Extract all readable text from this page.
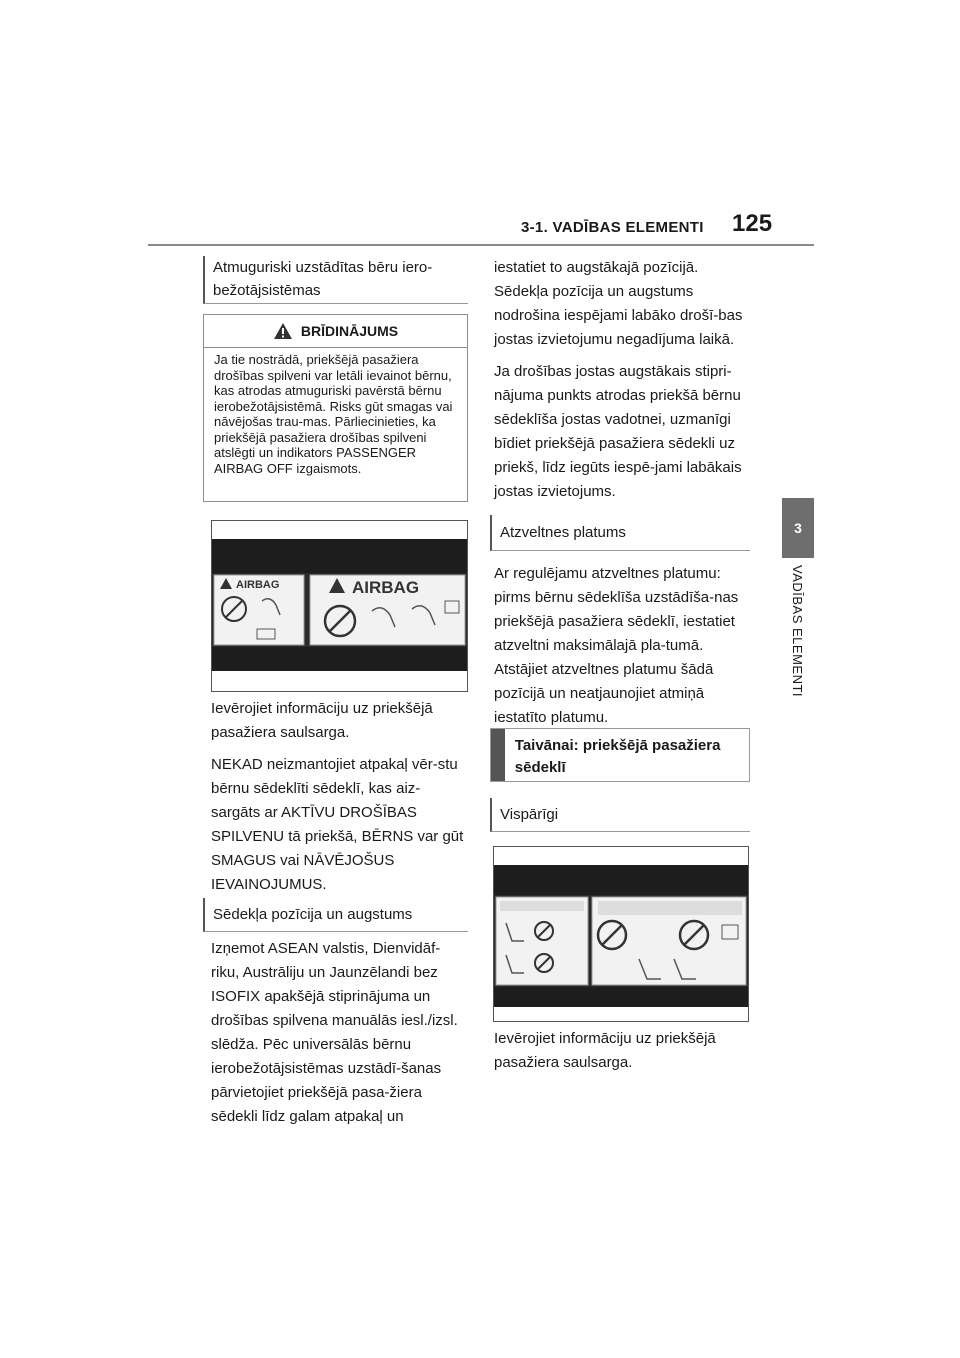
3-1. VADĪBAS ELEMENTI 125
3
VADĪBAS ELEMENTI
Atmuguriski uzstādītas bēru iero-
bežotājsistēmas
BRĪDINĀJUMS
Ja tie nostrādā, priekšējā pasažiera drošības spilveni var letāli ievainot bērnu, kas atrodas atmuguriski pavērstā bērnu ierobežotājsistēmā. Risks gūt smagas vai nāvējošas trau-mas. Pārliecinieties, ka priekšējā pasažiera drošības spilveni atslēgti un indikators PASSENGER AIRBAG OFF izgaismots.
AIRBAG	AIRBAG

Ievērojiet informāciju uz priekšējā pasažiera saulsarga.

NEKAD neizmantojiet atpakaļ vēr-stu bērnu sēdeklīti sēdeklī, kas aiz-sargāts ar AKTĪVU DROŠĪBAS SPILVENU tā priekšā, BĒRNS var gūt SMAGUS vai NĀVĒJOŠUS IEVAINOJUMUS.

Sēdekļa pozīcija un augstums

Izņemot ASEAN valstis, Dienvidāf-riku, Austrāliju un Jaunzēlandi bez ISOFIX apakšējā stiprinājuma un drošības spilvena manuālās iesl./izsl. slēdža. Pēc universālās bērnu ierobežotājsistēmas uzstādī-šanas pārvietojiet priekšējā pasa-žiera sēdekli līdz galam atpakaļ un

iestatiet to augstākajā pozīcijā. Sēdekļa pozīcija un augstums nodrošina iespējami labāko drošī-bas jostas izvietojumu negadījuma laikā.

Ja drošības jostas augstākais stipri-nājuma punkts atrodas priekšā bērnu sēdeklīša jostas vadotnei, uzmanīgi bīdiet priekšējā pasažiera sēdekli uz priekš, līdz iegūts iespē-jami labākais jostas izvietojums.

Atzveltnes platums

Ar regulējamu atzveltnes platumu: pirms bērnu sēdeklīša uzstādīša-nas priekšējā pasažiera sēdeklī, iestatiet atzveltni maksimālajā pla-tumā. Atstājiet atzveltnes platumu šādā pozīcijā un neatjaunojiet atmiņā iestatīto platumu.

Taivānai: priekšējā pasažiera sēdeklī
Vispārīgi

Ievērojiet informāciju uz priekšējā pasažiera saulsarga.
